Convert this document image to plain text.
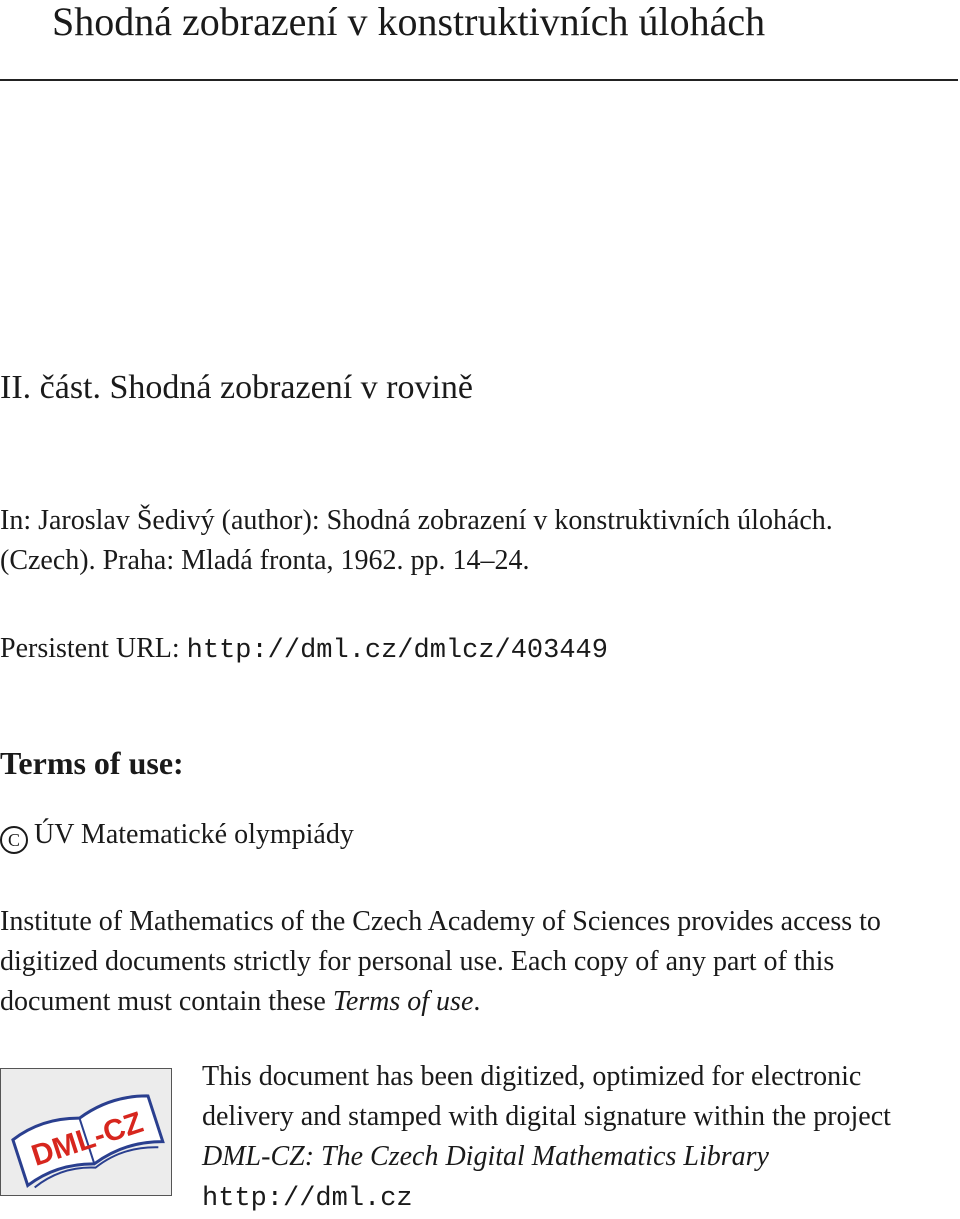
Shodná zobrazení v konstruktivních úlohách
II. část. Shodná zobrazení v rovině
In: Jaroslav Šedivý (author): Shodná zobrazení v konstruktivních úlohách. (Czech). Praha: Mladá fronta, 1962. pp. 14–24.
Persistent URL: http://dml.cz/dmlcz/403449
Terms of use:
C ÚV Matematické olympiády
Institute of Mathematics of the Czech Academy of Sciences provides access to digitized documents strictly for personal use. Each copy of any part of this document must contain these Terms of use.
DML-CZ
This document has been digitized, optimized for electronic delivery and stamped with digital signature within the project DML-CZ: The Czech Digital Mathematics Library http://dml.cz
